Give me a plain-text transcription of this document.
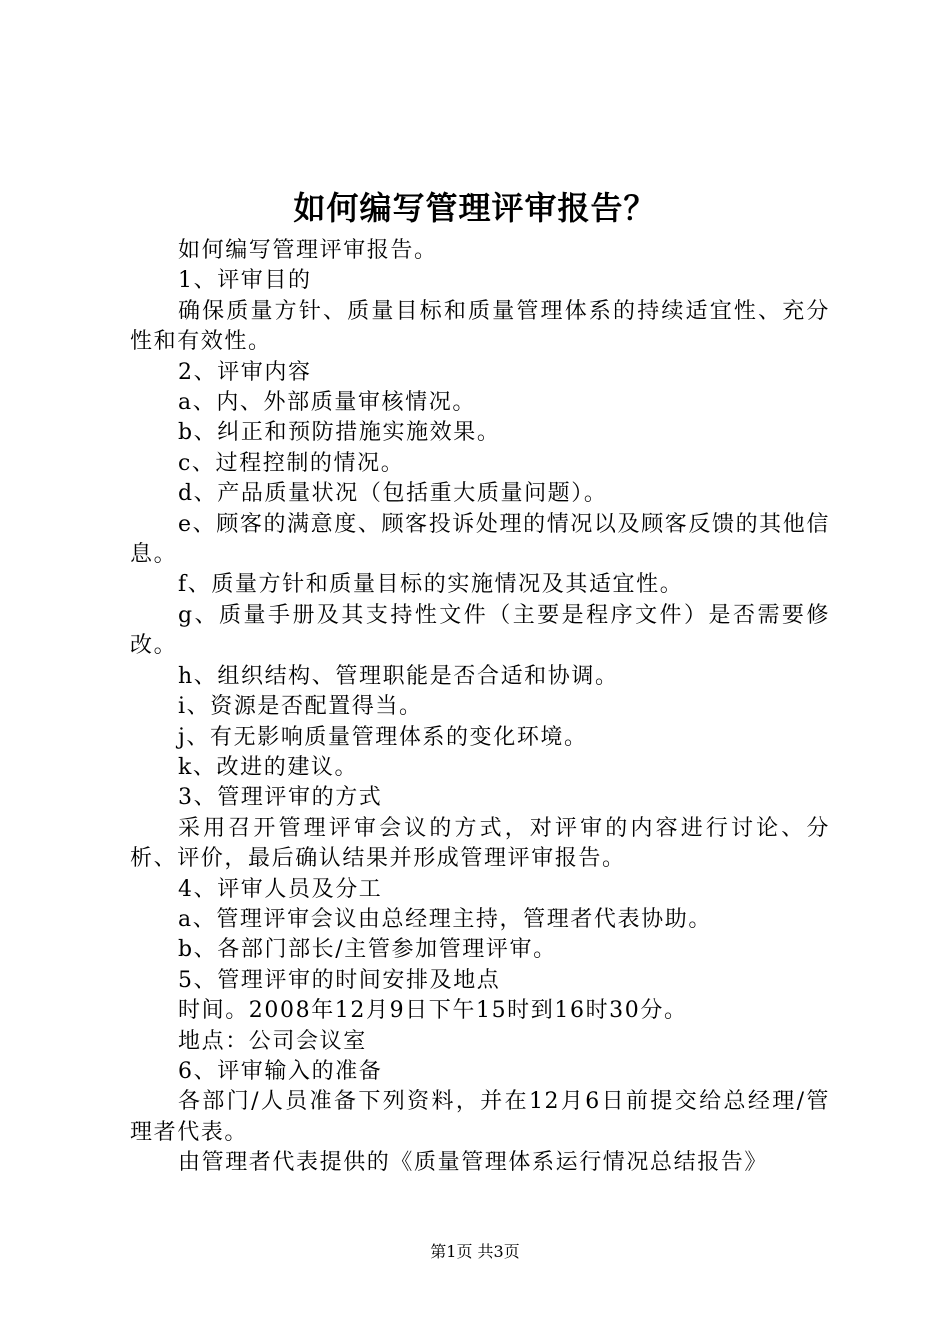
如何编写管理评审报告？

如何编写管理评审报告。

1、评审目的

确保质量方针、质量目标和质量管理体系的持续适宜性、充分性和有效性。

2、评审内容

a、内、外部质量审核情况。

b、纠正和预防措施实施效果。

c、过程控制的情况。

d、产品质量状况（包括重大质量问题）。

e、顾客的满意度、顾客投诉处理的情况以及顾客反馈的其他信息。

f、质量方针和质量目标的实施情况及其适宜性。

g、质量手册及其支持性文件（主要是程序文件）是否需要修改。

h、组织结构、管理职能是否合适和协调。

i、资源是否配置得当。

j、有无影响质量管理体系的变化环境。

k、改进的建议。

3、管理评审的方式

采用召开管理评审会议的方式，对评审的内容进行讨论、分析、评价，最后确认结果并形成管理评审报告。

4、评审人员及分工

a、管理评审会议由总经理主持，管理者代表协助。

b、各部门部长/主管参加管理评审。

5、管理评审的时间安排及地点

时间。2008年12月9日下午15时到16时30分。

地点：公司会议室

6、评审输入的准备

各部门/人员准备下列资料，并在12月6日前提交给总经理/管理者代表。

由管理者代表提供的《质量管理体系运行情况总结报告》

第1页 共3页
